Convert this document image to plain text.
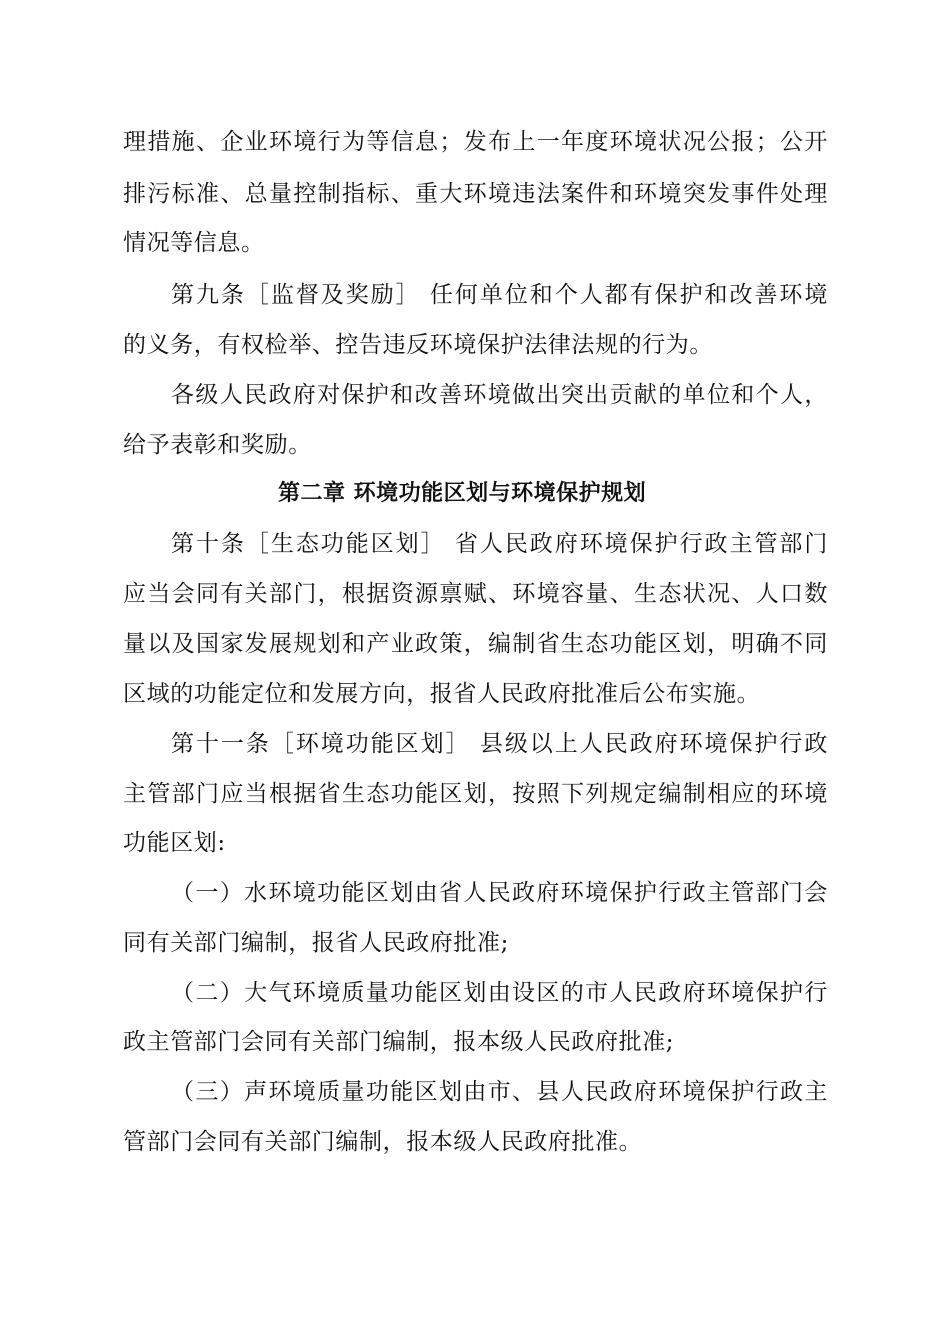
理措施、企业环境行为等信息；发布上一年度环境状况公报；公开
排污标准、总量控制指标、重大环境违法案件和环境突发事件处理
情况等信息。
第九条［监督及奖励］ 任何单位和个人都有保护和改善环境
的义务，有权检举、控告违反环境保护法律法规的行为。
各级人民政府对保护和改善环境做出突出贡献的单位和个人，
给予表彰和奖励。
第二章 环境功能区划与环境保护规划
第十条［生态功能区划］ 省人民政府环境保护行政主管部门
应当会同有关部门，根据资源禀赋、环境容量、生态状况、人口数
量以及国家发展规划和产业政策，编制省生态功能区划，明确不同
区域的功能定位和发展方向，报省人民政府批准后公布实施。
第十一条［环境功能区划］ 县级以上人民政府环境保护行政
主管部门应当根据省生态功能区划，按照下列规定编制相应的环境
功能区划:
（一）水环境功能区划由省人民政府环境保护行政主管部门会
同有关部门编制，报省人民政府批准;
（二）大气环境质量功能区划由设区的市人民政府环境保护行
政主管部门会同有关部门编制，报本级人民政府批准;
（三）声环境质量功能区划由市、县人民政府环境保护行政主
管部门会同有关部门编制，报本级人民政府批准。
